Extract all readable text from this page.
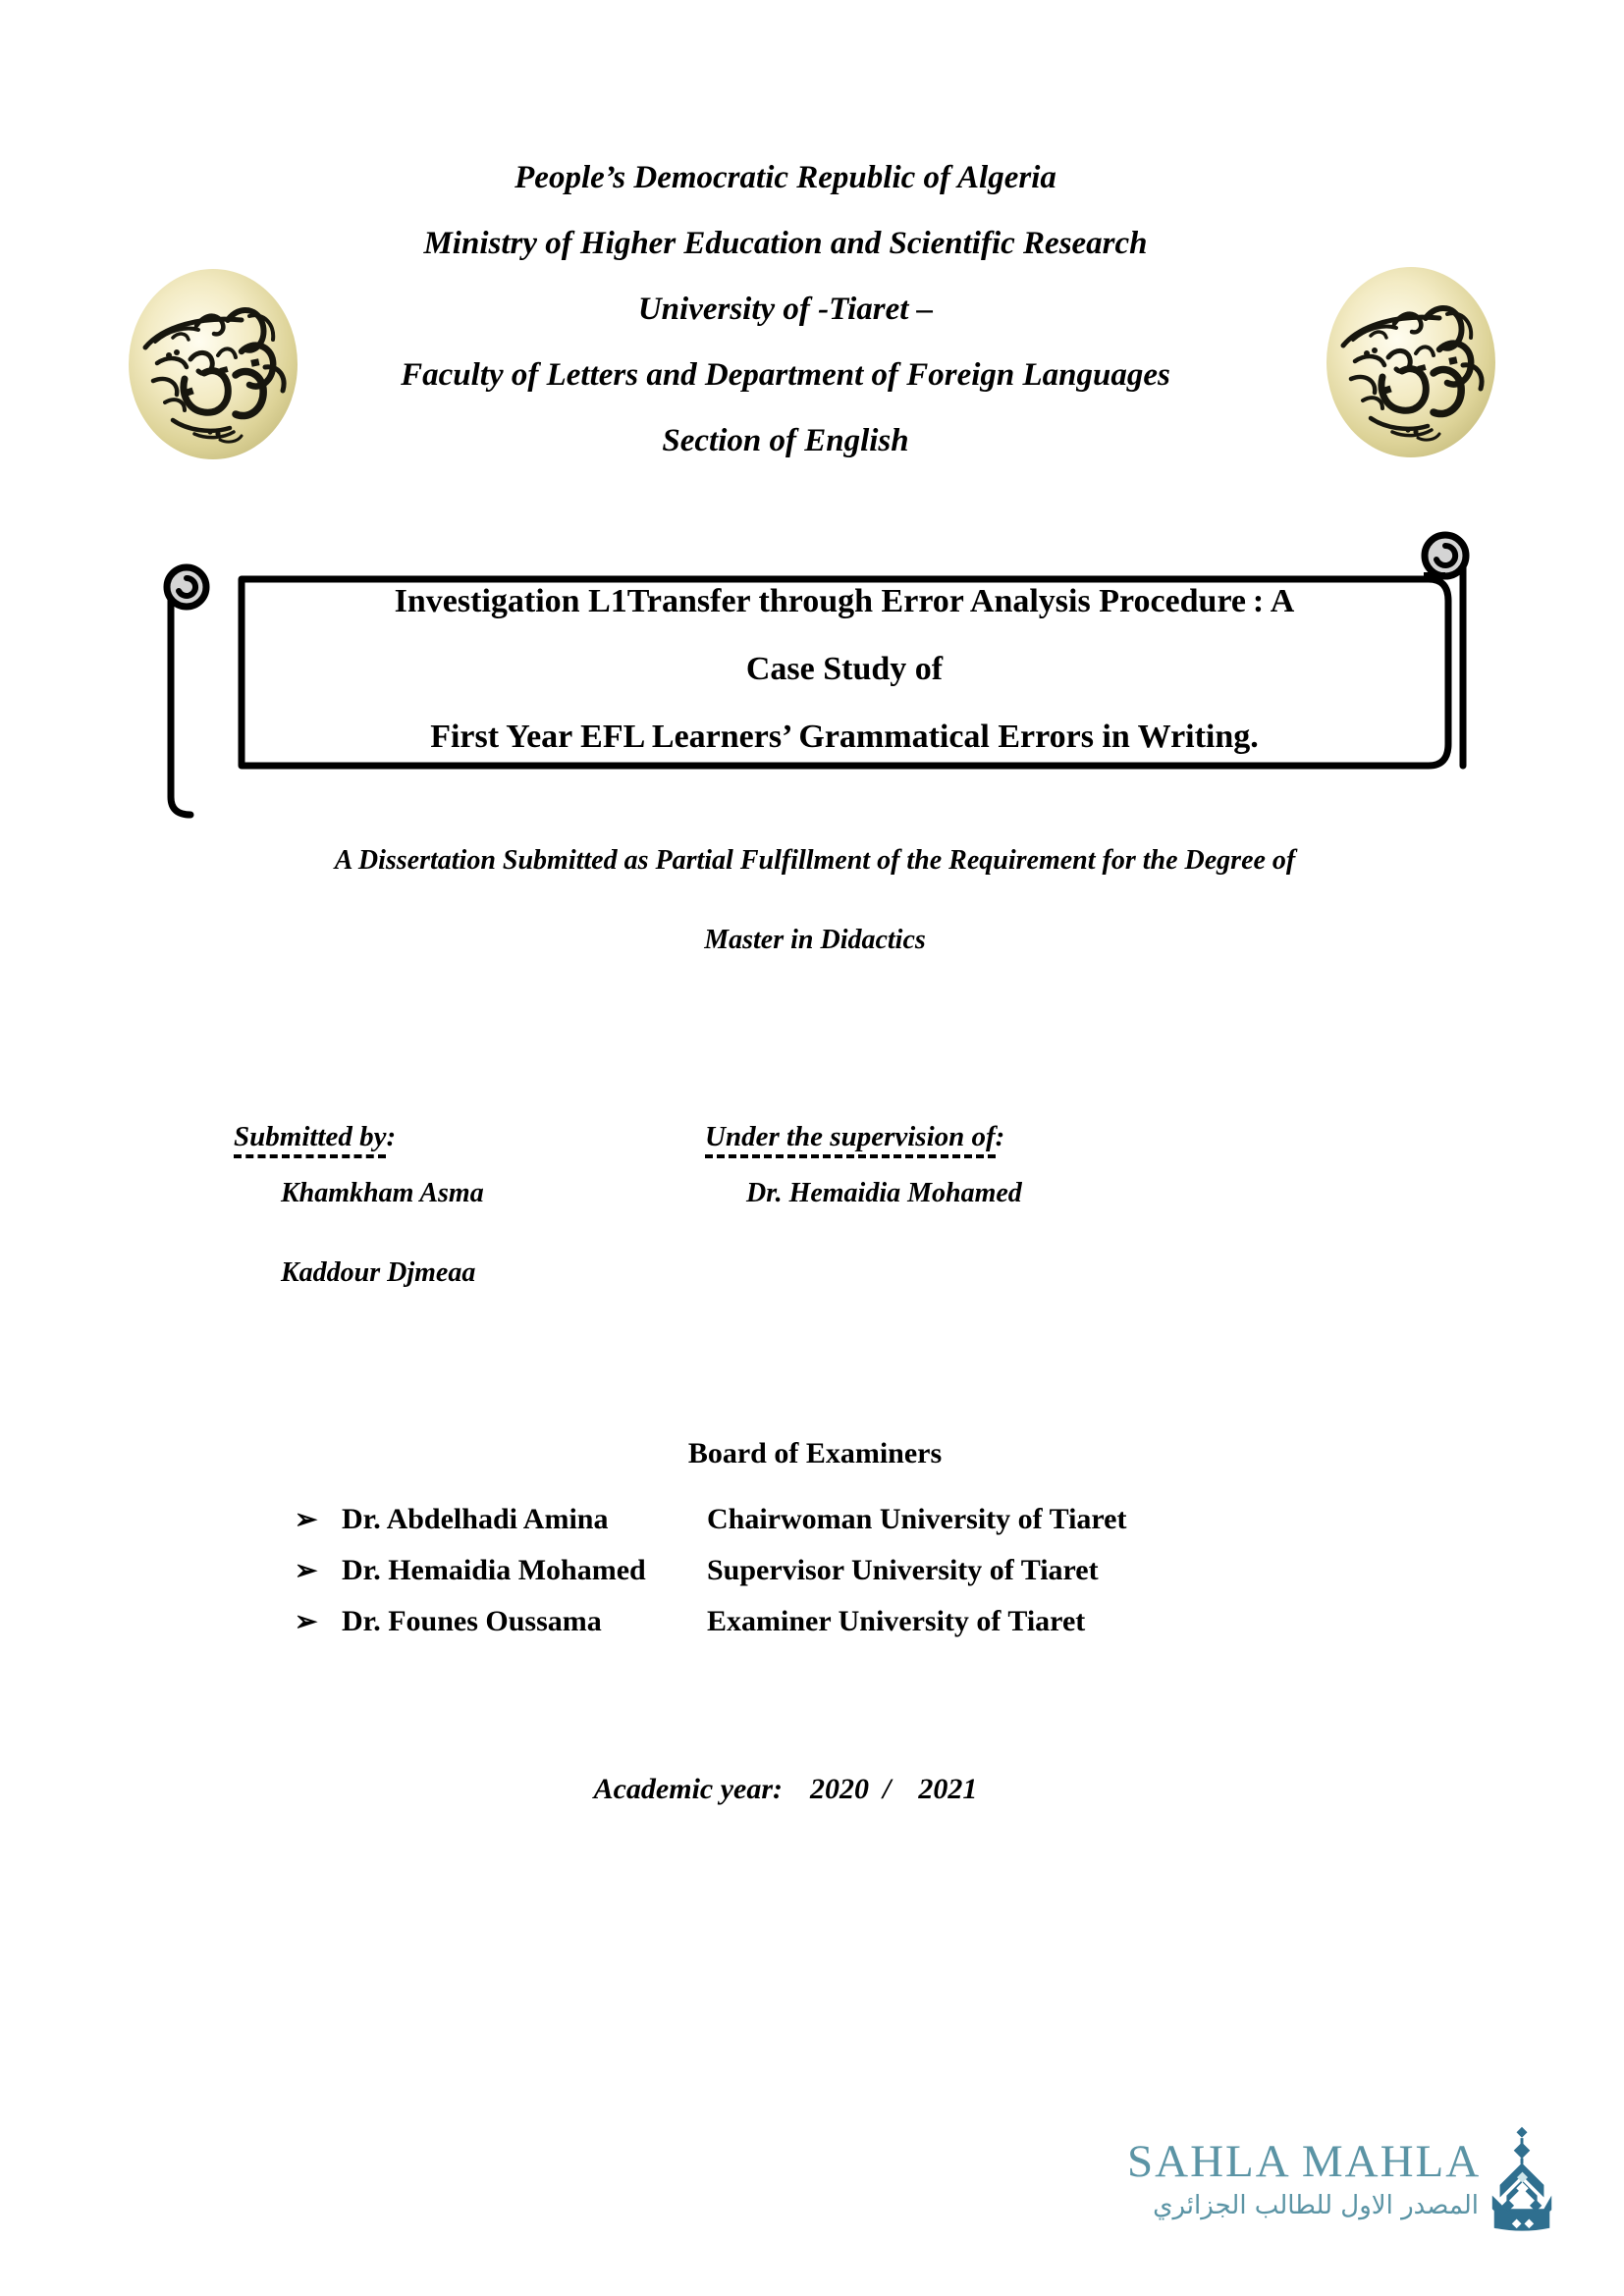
People’s Democratic Republic of Algeria
Ministry of Higher Education and Scientific Research
University of -Tiaret –
Faculty of Letters and Department of Foreign Languages
Section of English
Investigation L1Transfer through Error Analysis Procedure : A
Case Study of
First Year EFL Learners’ Grammatical Errors in Writing.
A Dissertation Submitted as Partial Fulfillment of the Requirement for the Degree of
Master in Didactics
Submitted by:	Under the supervision of:
Khamkham Asma	Dr. Hemaidia Mohamed
Kaddour Djmeaa
Board of Examiners
➢ Dr. Abdelhadi Amina	Chairwoman University of Tiaret
➢ Dr. Hemaidia Mohamed	Supervisor University of Tiaret
➢ Dr. Founes Oussama	Examiner University of Tiaret
Academic year: 2020 / 2021
SAHLA MAHLA
المصدر الاول للطالب الجزائري
